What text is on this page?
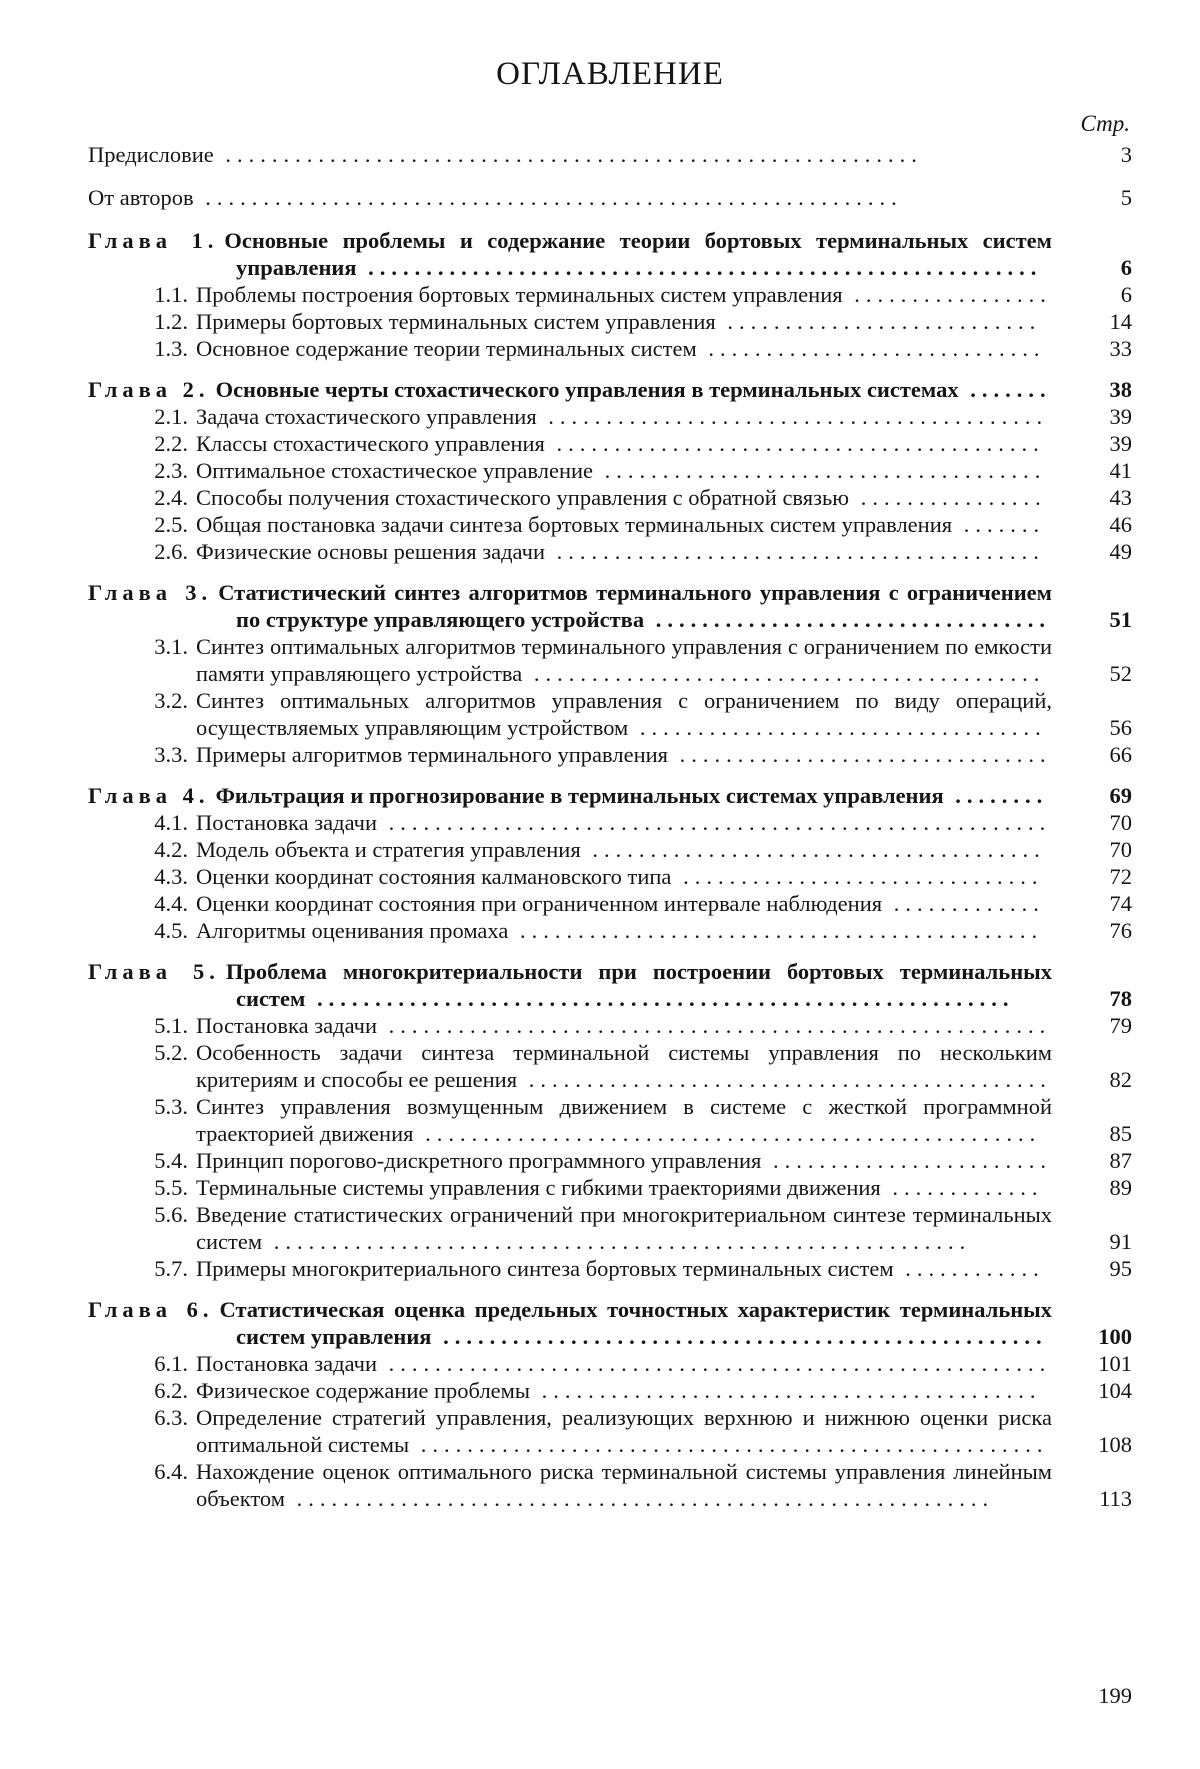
ОГЛАВЛЕНИЕ
Стр.
Предисловие ............................................................	3
От авторов ............................................................	5
Глава 1. Основные проблемы и содержание теории бортовых терминальных систем управления ..........................................................	6
1.1. Проблемы построения бортовых терминальных систем управления .................	6
1.2. Примеры бортовых терминальных систем управления ...........................	14
1.3. Основное содержание теории терминальных систем .............................	33
Глава 2. Основные черты стохастического управления в терминальных системах .......	38
2.1. Задача стохастического управления ...........................................	39
2.2. Классы стохастического управления ..........................................	39
2.3. Оптимальное стохастическое управление ......................................	41
2.4. Способы получения стохастического управления с обратной связью ................	43
2.5. Общая постановка задачи синтеза бортовых терминальных систем управления .......	46
2.6. Физические основы решения задачи ..........................................	49
Глава 3. Статистический синтез алгоритмов терминального управления с ограничением по структуре управляющего устройства ..................................	51
3.1. Синтез оптимальных алгоритмов терминального управления с ограничением по емкости памяти управляющего устройства ............................................	52
3.2. Синтез оптимальных алгоритмов управления с ограничением по виду операций, осуществляемых управляющим устройством ...................................	56
3.3. Примеры алгоритмов терминального управления ................................	66
Глава 4. Фильтрация и прогнозирование в терминальных системах управления ........	69
4.1. Постановка задачи .........................................................	70
4.2. Модель объекта и стратегия управления .......................................	70
4.3. Оценки координат состояния калмановского типа ...............................	72
4.4. Оценки координат состояния при ограниченном интервале наблюдения .............	74
4.5. Алгоритмы оценивания промаха .............................................	76
Глава 5. Проблема многокритериальности при построении бортовых терминальных систем ............................................................	78
5.1. Постановка задачи .........................................................	79
5.2. Особенность задачи синтеза терминальной системы управления по нескольким критериям и способы ее решения .............................................	82
5.3. Синтез управления возмущенным движением в системе с жесткой программной траекторией движения .....................................................	85
5.4. Принцип порогово-дискретного программного управления ........................	87
5.5. Терминальные системы управления с гибкими траекториями движения .............	89
5.6. Введение статистических ограничений при многокритериальном синтезе терминальных систем ............................................................	91
5.7. Примеры многокритериального синтеза бортовых терминальных систем ............	95
Глава 6. Статистическая оценка предельных точностных характеристик терминальных систем управления ....................................................	100
6.1. Постановка задачи .........................................................	101
6.2. Физическое содержание проблемы ...........................................	104
6.3. Определение стратегий управления, реализующих верхнюю и нижнюю оценки риска оптимальной системы ......................................................	108
6.4. Нахождение оценок оптимального риска терминальной системы управления линейным объектом ............................................................	113
199
